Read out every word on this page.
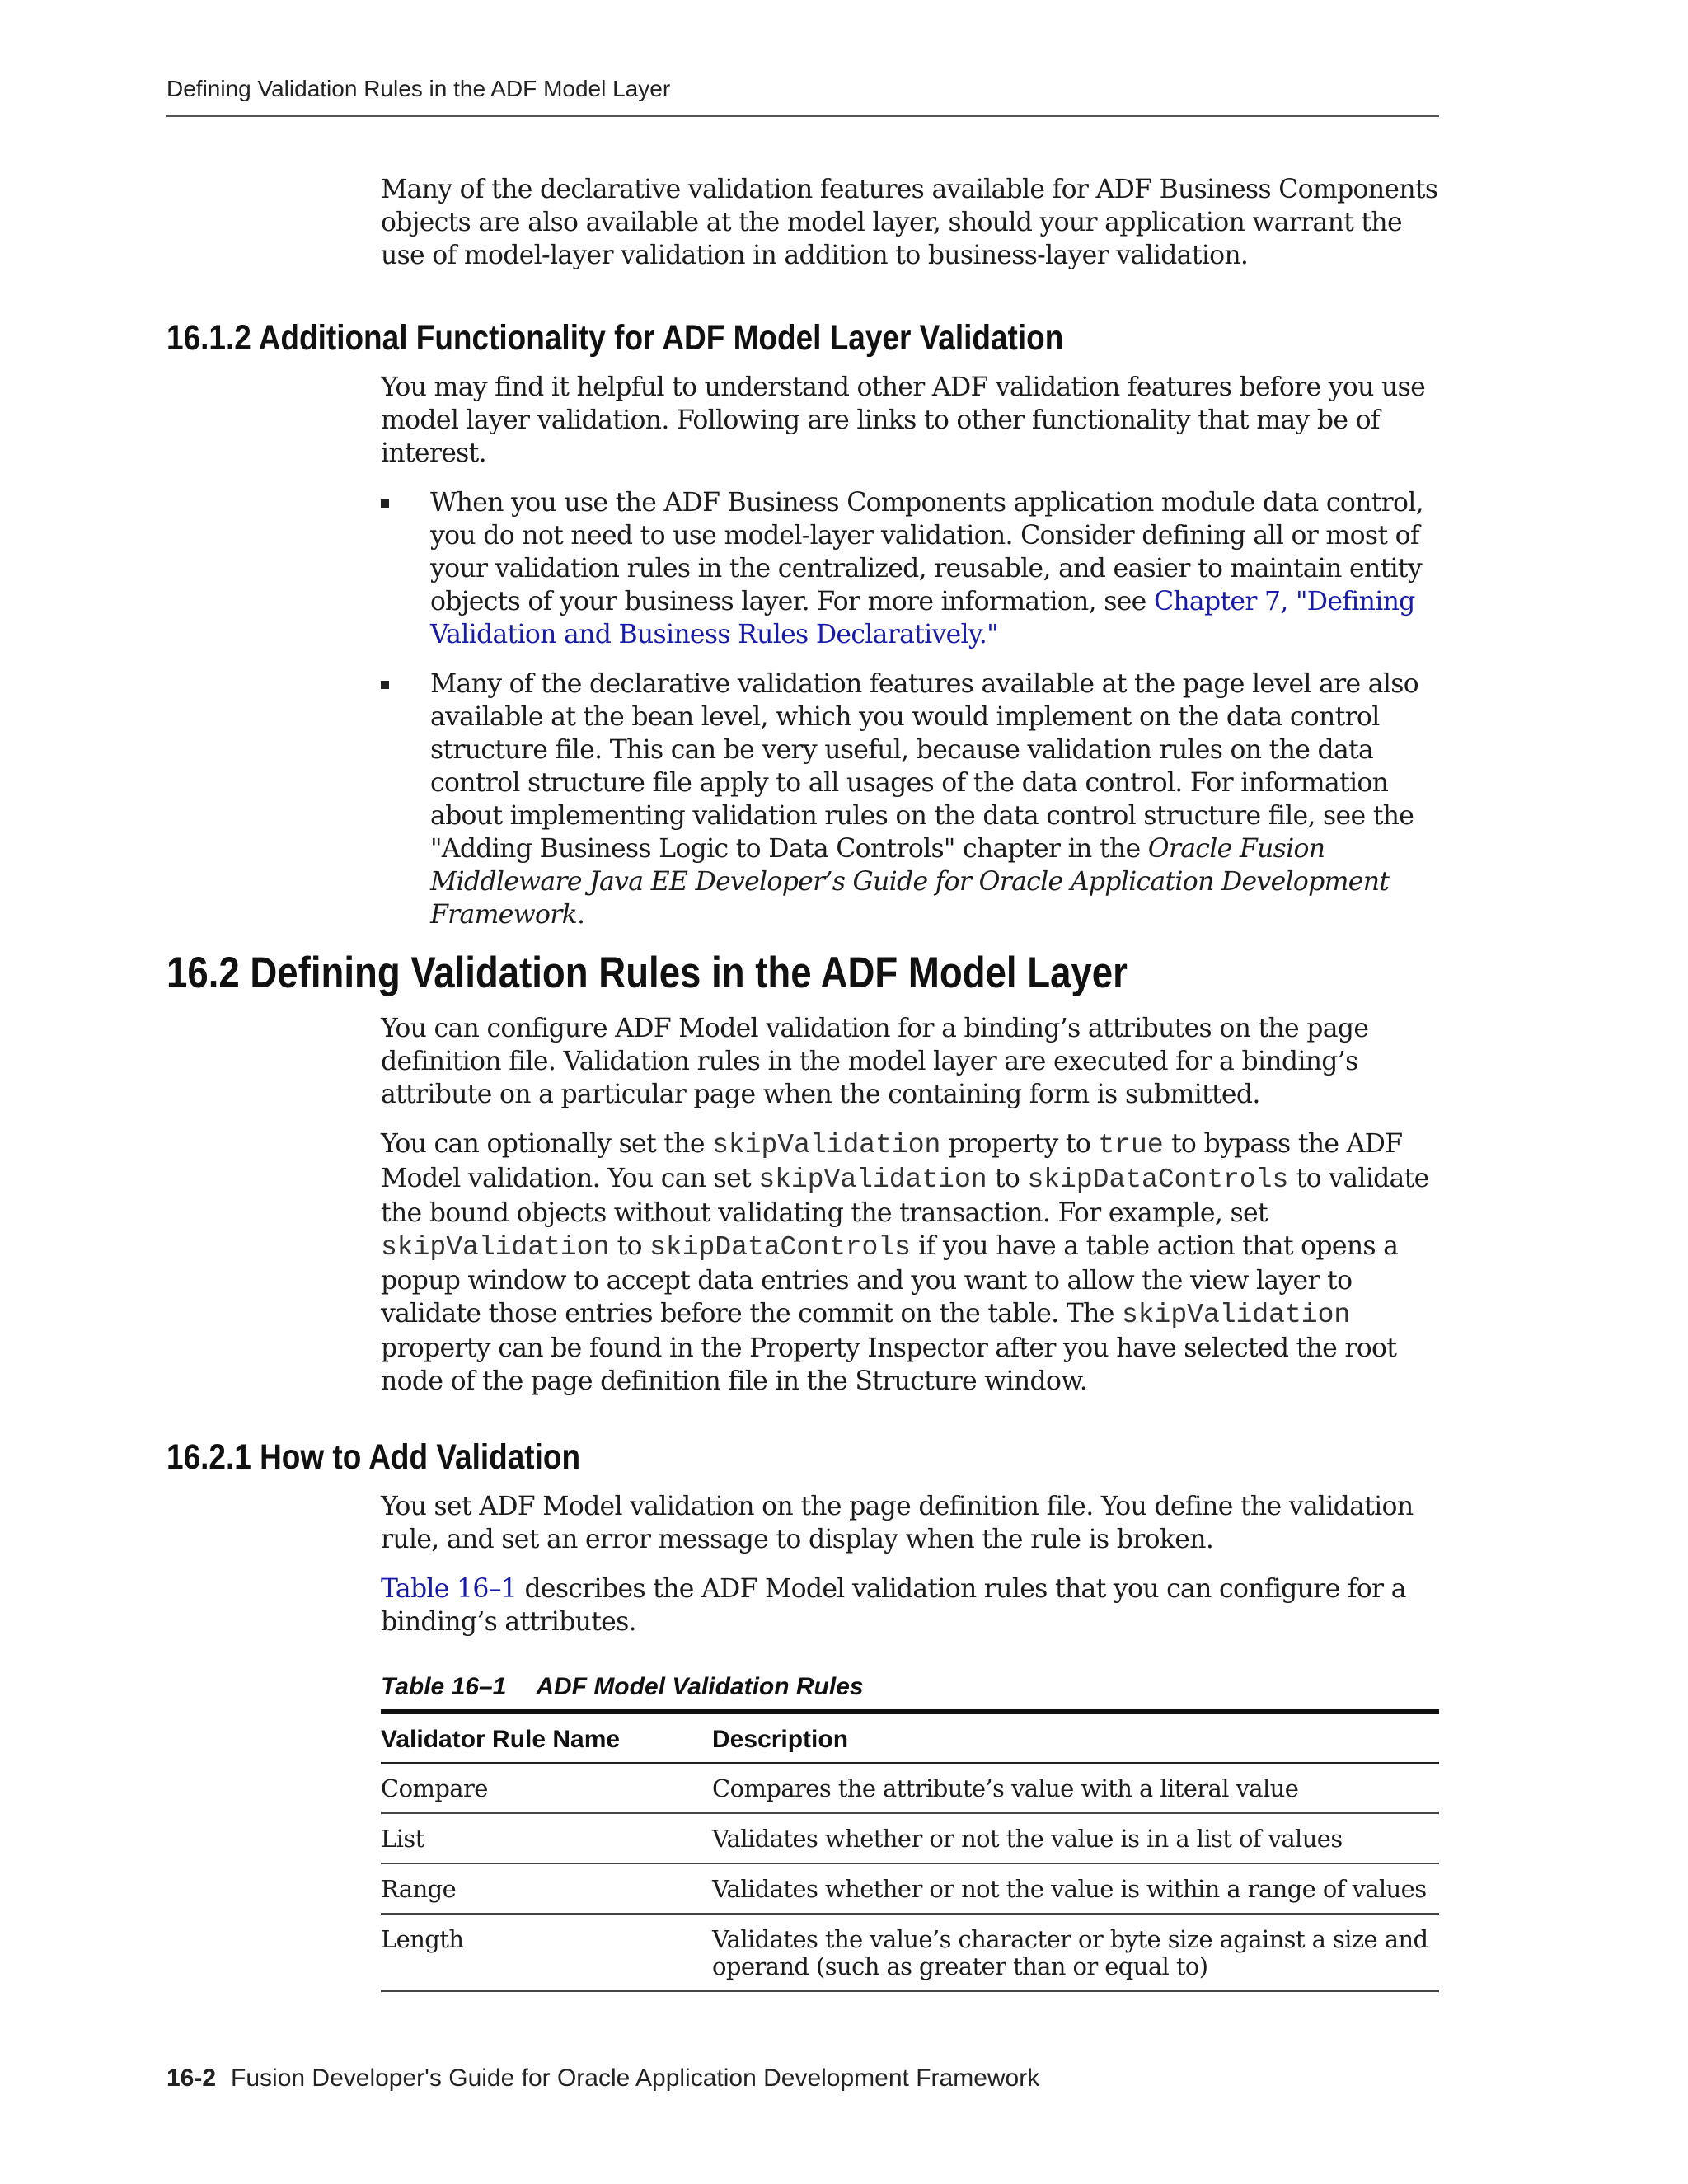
Defining Validation Rules in the ADF Model Layer

Many of the declarative validation features available for ADF Business Components objects are also available at the model layer, should your application warrant the use of model-layer validation in addition to business-layer validation.

16.1.2 Additional Functionality for ADF Model Layer Validation

You may find it helpful to understand other ADF validation features before you use model layer validation. Following are links to other functionality that may be of interest.

When you use the ADF Business Components application module data control, you do not need to use model-layer validation. Consider defining all or most of your validation rules in the centralized, reusable, and easier to maintain entity objects of your business layer. For more information, see Chapter 7, "Defining Validation and Business Rules Declaratively."
Many of the declarative validation features available at the page level are also available at the bean level, which you would implement on the data control structure file. This can be very useful, because validation rules on the data control structure file apply to all usages of the data control. For information about implementing validation rules on the data control structure file, see the "Adding Business Logic to Data Controls" chapter in the Oracle Fusion Middleware Java EE Developer’s Guide for Oracle Application Development Framework.
16.2 Defining Validation Rules in the ADF Model Layer

You can configure ADF Model validation for a binding’s attributes on the page definition file. Validation rules in the model layer are executed for a binding’s attribute on a particular page when the containing form is submitted.

You can optionally set the skipValidation property to true to bypass the ADF Model validation. You can set skipValidation to skipDataControls to validate the bound objects without validating the transaction. For example, set skipValidation to skipDataControls if you have a table action that opens a popup window to accept data entries and you want to allow the view layer to validate those entries before the commit on the table. The skipValidation property can be found in the Property Inspector after you have selected the root node of the page definition file in the Structure window.

16.2.1 How to Add Validation

You set ADF Model validation on the page definition file. You define the validation rule, and set an error message to display when the rule is broken.

Table 16–1 describes the ADF Model validation rules that you can configure for a binding’s attributes.

Table 16–1 ADF Model Validation Rules
Validator Rule Name	Description
Compare	Compares the attribute’s value with a literal value
List	Validates whether or not the value is in a list of values
Range	Validates whether or not the value is within a range of values
Length	Validates the value’s character or byte size against a size and operand (such as greater than or equal to)
16-2 Fusion Developer's Guide for Oracle Application Development Framework
